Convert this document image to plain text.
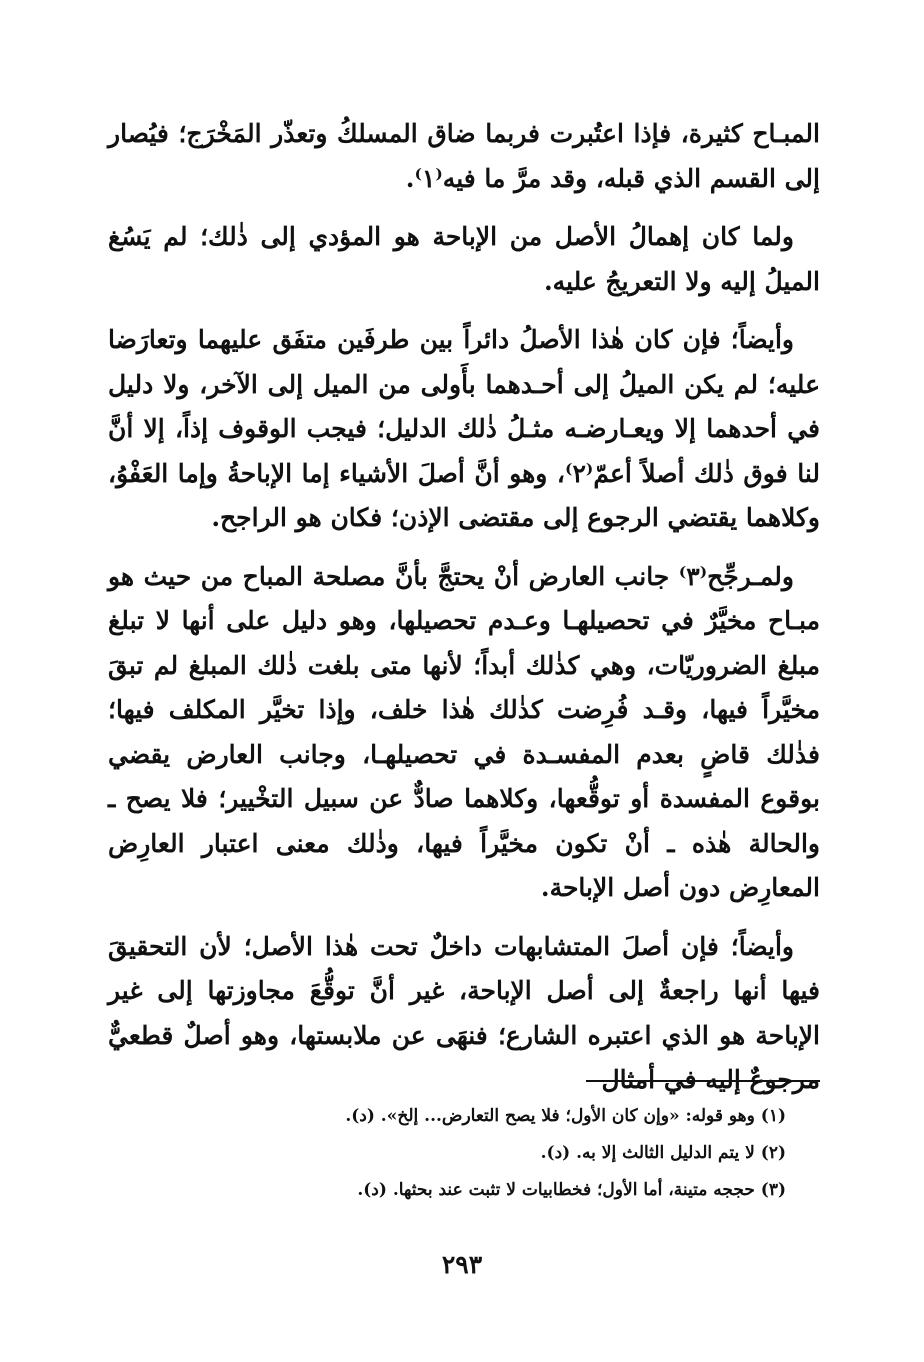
المبـاح كثيرة، فإذا اعتُبرت فربما ضاق المسلكُ وتعذّر المَخْرَج؛ فيُصار إلى القسم الذي قبله، وقد مرَّ ما فيه⁽١⁾.

ولما كان إهمالُ الأصل من الإباحة هو المؤدي إلى ذٰلك؛ لم يَسُغ الميلُ إليه ولا التعريجُ عليه.

وأيضاً؛ فإن كان هٰذا الأصلُ دائراً بين طرفَين متفَق عليهما وتعارَضا عليه؛ لم يكن الميلُ إلى أحـدهما بأَولى من الميل إلى الآخر، ولا دليل في أحدهما إلا ويعـارضـه مثـلُ ذٰلك الدليل؛ فيجب الوقوف إذاً، إلا أنَّ لنا فوق ذٰلك أصلاً أعمّ⁽٢⁾، وهو أنَّ أصلَ الأشياء إما الإباحةُ وإما العَفْوُ، وكلاهما يقتضي الرجوع إلى مقتضى الإذن؛ فكان هو الراجح.

ولمـرجِّح⁽٣⁾ جانب العارض أنْ يحتجَّ بأنَّ مصلحة المباح من حيث هو مبـاح مخيَّرٌ في تحصيلهـا وعـدم تحصيلها، وهو دليل على أنها لا تبلغ مبلغ الضروريّات، وهي كذٰلك أبداً؛ لأنها متى بلغت ذٰلك المبلغ لم تبقَ مخيَّراً فيها، وقـد فُرِضت كذٰلك هٰذا خلف، وإذا تخيَّر المكلف فيها؛ فذٰلك قاضٍ بعدم المفسـدة في تحصيلهـا، وجانب العارض يقضي بوقوع المفسدة أو توقُّعها، وكلاهما صادٌّ عن سبيل التخْيير؛ فلا يصح ـ والحالة هٰذه ـ أنْ تكون مخيَّراً فيها، وذٰلك معنى اعتبار العارِض المعارِض دون أصل الإباحة.

وأيضاً؛ فإن أصلَ المتشابهات داخلٌ تحت هٰذا الأصل؛ لأن التحقيقَ فيها أنها راجعةٌ إلى أصل الإباحة، غير أنَّ توقُّعَ مجاوزتها إلى غير الإباحة هو الذي اعتبره الشارع؛ فنهَى عن ملابستها، وهو أصلٌ قطعيٌّ مرجوعٌ إليه في أمثال

(١) وهو قوله: «وإن كان الأول؛ فلا يصح التعارض... إلخ». (د).

(٢) لا يتم الدليل الثالث إلا به. (د).

(٣) حججه متينة، أما الأول؛ فخطابيات لا تثبت عند بحثها. (د).

٢٩٣
